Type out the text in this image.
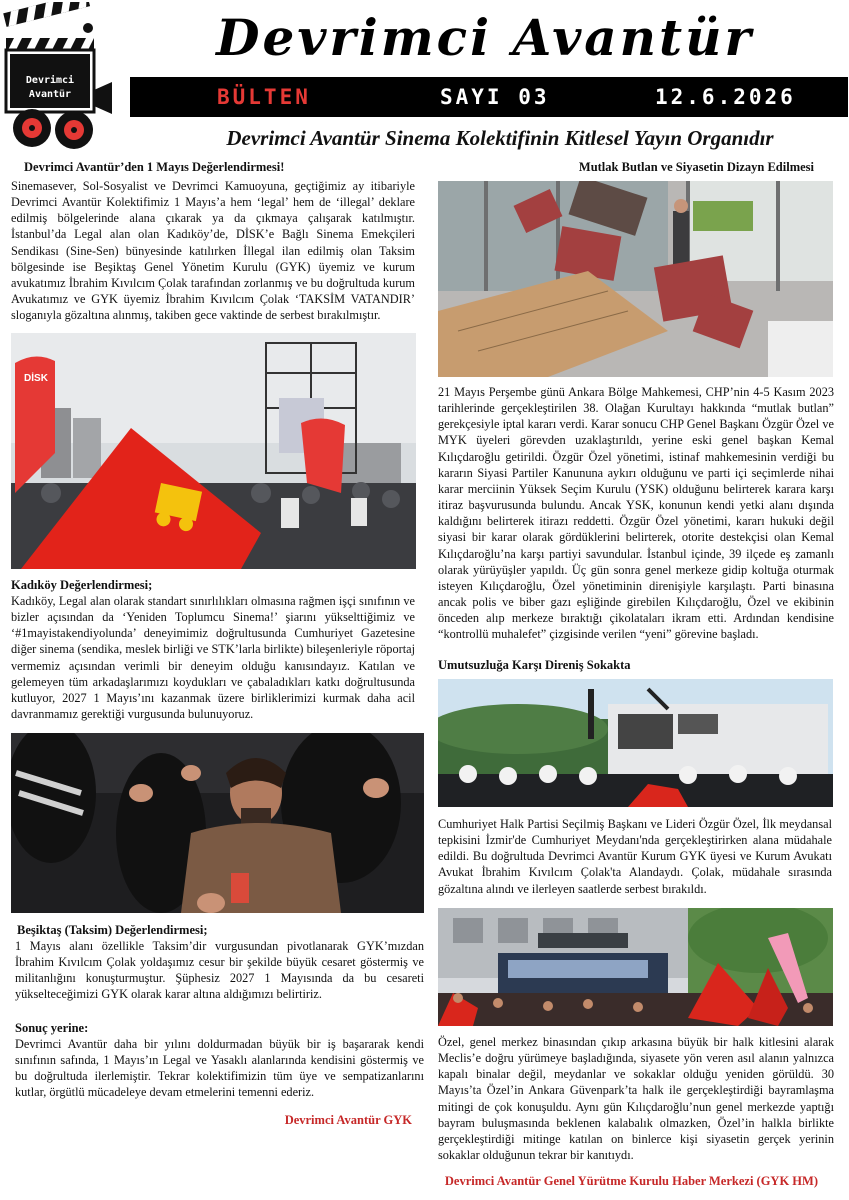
Devrimci
Avantür
Devrimci Avantür
BÜLTEN	SAYI 03	12.6.2026
Devrimci Avantür Sinema Kolektifinin Kitlesel Yayın Organıdır
Devrimci Avantür’den 1 Mayıs Değerlendirmesi!
Sinemasever, Sol-Sosyalist ve Devrimci Kamuoyuna, geçtiğimiz ay itibariyle Devrimci Avantür Kolektifimiz 1 Mayıs’a hem ‘legal’ hem de ‘illegal’ deklare edilmiş bölgelerinde alana çıkarak ya da çıkmaya çalışarak katılmıştır. İstanbul’da Legal alan olan Kadıköy’de, DİSK’e Bağlı Sinema Emekçileri Sendikası (Sine-Sen) bünyesinde katılırken İllegal ilan edilmiş olan Taksim bölgesinde ise Beşiktaş Genel Yönetim Kurulu (GYK) üyemiz ve kurum avukatımız İbrahim Kıvılcım Çolak tarafından zorlanmış ve bu doğrultuda kurum Avukatımız ve GYK üyemiz İbrahim Kıvılcım Çolak ‘TAKSİM VATANDIR’ sloganıyla gözaltına alınmış, takiben gece vaktinde de serbest bırakılmıştır.
DİSK
Kadıköy Değerlendirmesi;
Kadıköy, Legal alan olarak standart sınırlılıkları olmasına rağmen işçi sınıfının ve bizler açısından da ‘Yeniden Toplumcu Sinema!’ şiarını yükselttiğimiz ve ‘#1mayistakendiyolunda’ deneyimimiz doğrultusunda Cumhuriyet Gazetesine diğer sinema (sendika, meslek birliği ve STK’larla birlikte) bileşenleriyle röportaj vermemiz açısından verimli bir deneyim olduğu kanısındayız. Katılan ve gelemeyen tüm arkadaşlarımızı koydukları ve çabaladıkları katkı doğrultusunda kutluyor, 2027 1 Mayıs’ını kazanmak üzere birliklerimizi kurmak daha acil davranmamız gerektiği vurgusunda bulunuyoruz.
Beşiktaş (Taksim) Değerlendirmesi;
1 Mayıs alanı özellikle Taksim’dir vurgusundan pivotlanarak GYK’mızdan İbrahim Kıvılcım Çolak yoldaşımız cesur bir şekilde büyük cesaret göstermiş ve militanlığını konuşturmuştur. Şüphesiz 2027 1 Mayısında da bu cesareti yükselteceğimizi GYK olarak karar altına aldığımızı belirtiriz.
Sonuç yerine:
Devrimci Avantür daha bir yılını doldurmadan büyük bir iş başararak kendi sınıfının safında, 1 Mayıs’ın Legal ve Yasaklı alanlarında kendisini göstermiş ve bu doğrultuda ilerlemiştir. Tekrar kolektifimizin tüm üye ve sempatizanlarını kutlar, örgütlü mücadeleye devam etmelerini temenni ederiz.
Devrimci Avantür GYK
Mutlak Butlan ve Siyasetin Dizayn Edilmesi
21 Mayıs Perşembe günü Ankara Bölge Mahkemesi, CHP’nin 4-5 Kasım 2023 tarihlerinde gerçekleştirilen 38. Olağan Kurultayı hakkında “mutlak butlan” gerekçesiyle iptal kararı verdi. Karar sonucu CHP Genel Başkanı Özgür Özel ve MYK üyeleri görevden uzaklaştırıldı, yerine eski genel başkan Kemal Kılıçdaroğlu getirildi. Özgür Özel yönetimi, istinaf mahkemesinin verdiği bu kararın Siyasi Partiler Kanununa aykırı olduğunu ve parti içi seçimlerde nihai karar merciinin Yüksek Seçim Kurulu (YSK) olduğunu belirterek karara karşı itiraz başvurusunda bulundu. Ancak YSK, konunun kendi yetki alanı dışında kaldığını belirterek itirazı reddetti. Özgür Özel yönetimi, kararı hukuki değil siyasi bir karar olarak gördüklerini belirterek, otorite destekçisi olan Kemal Kılıçdaroğlu’na karşı partiyi savundular. İstanbul içinde, 39 ilçede eş zamanlı olarak yürüyüşler yapıldı. Üç gün sonra genel merkeze gidip koltuğa oturmak isteyen Kılıçdaroğlu, Özel yönetiminin direnişiyle karşılaştı. Parti binasına ancak polis ve biber gazı eşliğinde girebilen Kılıçdaroğlu, Özel ve ekibinin önceden alıp merkeze bıraktığı çikolataları ikram etti. Ardından kendisine “kontrollü muhalefet” çizgisinde verilen “yeni” görevine başladı.
Umutsuzluğa Karşı Direniş Sokakta
Cumhuriyet Halk Partisi Seçilmiş Başkanı ve Lideri Özgür Özel, İlk meydansal tepkisini İzmir'de Cumhuriyet Meydanı'nda gerçekleştirirken alana müdahale edildi. Bu doğrultuda Devrimci Avantür Kurum GYK üyesi ve Kurum Avukatı Avukat İbrahim Kıvılcım Çolak'ta Alandaydı. Çolak, müdahale sırasında gözaltına alındı ve ilerleyen saatlerde serbest bırakıldı.
Özel, genel merkez binasından çıkıp arkasına büyük bir halk kitlesini alarak Meclis’e doğru yürümeye başladığında, siyasete yön veren asıl alanın yalnızca kapalı binalar değil, meydanlar ve sokaklar olduğu yeniden görüldü. 30 Mayıs’ta Özel’in Ankara Güvenpark’ta halk ile gerçekleştirdiği bayramlaşma mitingi de çok konuşuldu. Aynı gün Kılıçdaroğlu’nun genel merkezde yaptığı bayram buluşmasında beklenen kalabalık olmazken, Özel’in halkla birlikte gerçekleştirdiği mitinge katılan on binlerce kişi siyasetin gerçek yerinin sokaklar olduğunun tekrar bir kanıtıydı.
Devrimci Avantür Genel Yürütme Kurulu Haber Merkezi (GYK HM)
